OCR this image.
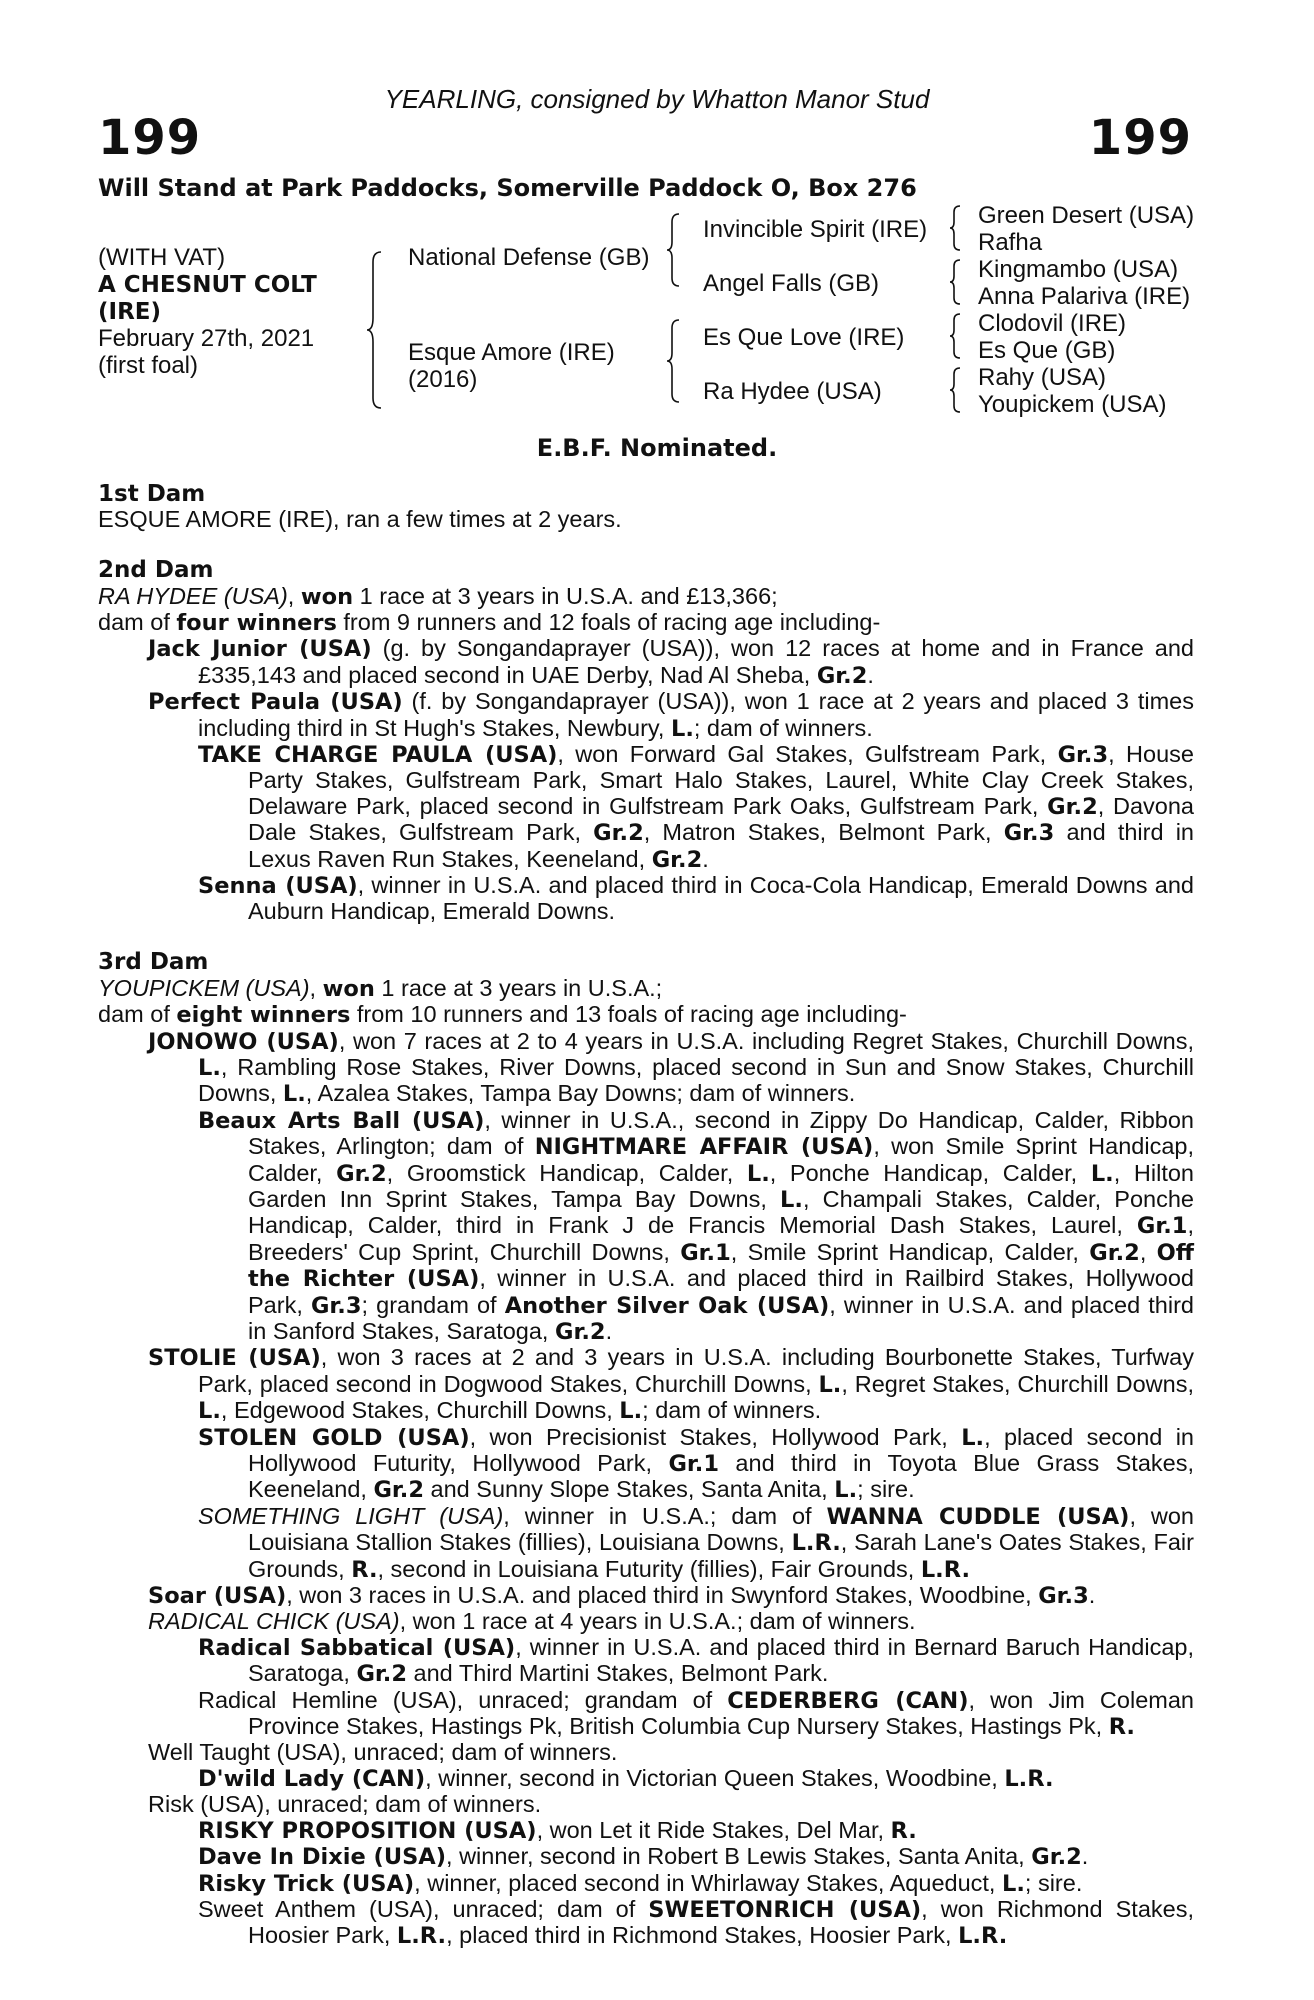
YEARLING, consigned by Whatton Manor Stud
199	199
Will Stand at Park Paddocks, Somerville Paddock O, Box 276
(WITH VAT)
A CHESNUT COLT
(IRE)
February 27th, 2021
(first foal)
National Defense (GB)
Esque Amore (IRE)
(2016)
Invincible Spirit (IRE)
Angel Falls (GB)
Es Que Love (IRE)
Ra Hydee (USA)
Green Desert (USA)
Rafha
Kingmambo (USA)
Anna Palariva (IRE)
Clodovil (IRE)
Es Que (GB)
Rahy (USA)
Youpickem (USA)
E.B.F. Nominated.

1st Dam

ESQUE AMORE (IRE), ran a few times at 2 years.

2nd Dam

RA HYDEE (USA), won 1 race at 3 years in U.S.A. and £13,366;

dam of four winners from 9 runners and 12 foals of racing age including-

Jack Junior (USA) (g. by Songandaprayer (USA)), won 12 races at home and in France and £335,143 and placed second in UAE Derby, Nad Al Sheba, Gr.2.

Perfect Paula (USA) (f. by Songandaprayer (USA)), won 1 race at 2 years and placed 3 times including third in St Hugh's Stakes, Newbury, L.; dam of winners.

TAKE CHARGE PAULA (USA), won Forward Gal Stakes, Gulfstream Park, Gr.3, House Party Stakes, Gulfstream Park, Smart Halo Stakes, Laurel, White Clay Creek Stakes, Delaware Park, placed second in Gulfstream Park Oaks, Gulfstream Park, Gr.2, Davona Dale Stakes, Gulfstream Park, Gr.2, Matron Stakes, Belmont Park, Gr.3 and third in Lexus Raven Run Stakes, Keeneland, Gr.2.

Senna (USA), winner in U.S.A. and placed third in Coca-Cola Handicap, Emerald Downs and Auburn Handicap, Emerald Downs.

3rd Dam

YOUPICKEM (USA), won 1 race at 3 years in U.S.A.;

dam of eight winners from 10 runners and 13 foals of racing age including-

JONOWO (USA), won 7 races at 2 to 4 years in U.S.A. including Regret Stakes, Churchill Downs, L., Rambling Rose Stakes, River Downs, placed second in Sun and Snow Stakes, Churchill Downs, L., Azalea Stakes, Tampa Bay Downs; dam of winners.

Beaux Arts Ball (USA), winner in U.S.A., second in Zippy Do Handicap, Calder, Ribbon Stakes, Arlington; dam of NIGHTMARE AFFAIR (USA), won Smile Sprint Handicap, Calder, Gr.2, Groomstick Handicap, Calder, L., Ponche Handicap, Calder, L., Hilton Garden Inn Sprint Stakes, Tampa Bay Downs, L., Champali Stakes, Calder, Ponche Handicap, Calder, third in Frank J de Francis Memorial Dash Stakes, Laurel, Gr.1, Breeders' Cup Sprint, Churchill Downs, Gr.1, Smile Sprint Handicap, Calder, Gr.2, Off the Richter (USA), winner in U.S.A. and placed third in Railbird Stakes, Hollywood Park, Gr.3; grandam of Another Silver Oak (USA), winner in U.S.A. and placed third in Sanford Stakes, Saratoga, Gr.2.

STOLIE (USA), won 3 races at 2 and 3 years in U.S.A. including Bourbonette Stakes, Turfway Park, placed second in Dogwood Stakes, Churchill Downs, L., Regret Stakes, Churchill Downs, L., Edgewood Stakes, Churchill Downs, L.; dam of winners.

STOLEN GOLD (USA), won Precisionist Stakes, Hollywood Park, L., placed second in Hollywood Futurity, Hollywood Park, Gr.1 and third in Toyota Blue Grass Stakes, Keeneland, Gr.2 and Sunny Slope Stakes, Santa Anita, L.; sire.

SOMETHING LIGHT (USA), winner in U.S.A.; dam of WANNA CUDDLE (USA), won Louisiana Stallion Stakes (fillies), Louisiana Downs, L.R., Sarah Lane's Oates Stakes, Fair Grounds, R., second in Louisiana Futurity (fillies), Fair Grounds, L.R.

Soar (USA), won 3 races in U.S.A. and placed third in Swynford Stakes, Woodbine, Gr.3.

RADICAL CHICK (USA), won 1 race at 4 years in U.S.A.; dam of winners.

Radical Sabbatical (USA), winner in U.S.A. and placed third in Bernard Baruch Handicap, Saratoga, Gr.2 and Third Martini Stakes, Belmont Park.

Radical Hemline (USA), unraced; grandam of CEDERBERG (CAN), won Jim Coleman Province Stakes, Hastings Pk, British Columbia Cup Nursery Stakes, Hastings Pk, R.

Well Taught (USA), unraced; dam of winners.

D'wild Lady (CAN), winner, second in Victorian Queen Stakes, Woodbine, L.R.

Risk (USA), unraced; dam of winners.

RISKY PROPOSITION (USA), won Let it Ride Stakes, Del Mar, R.

Dave In Dixie (USA), winner, second in Robert B Lewis Stakes, Santa Anita, Gr.2.

Risky Trick (USA), winner, placed second in Whirlaway Stakes, Aqueduct, L.; sire.

Sweet Anthem (USA), unraced; dam of SWEETONRICH (USA), won Richmond Stakes, Hoosier Park, L.R., placed third in Richmond Stakes, Hoosier Park, L.R.
